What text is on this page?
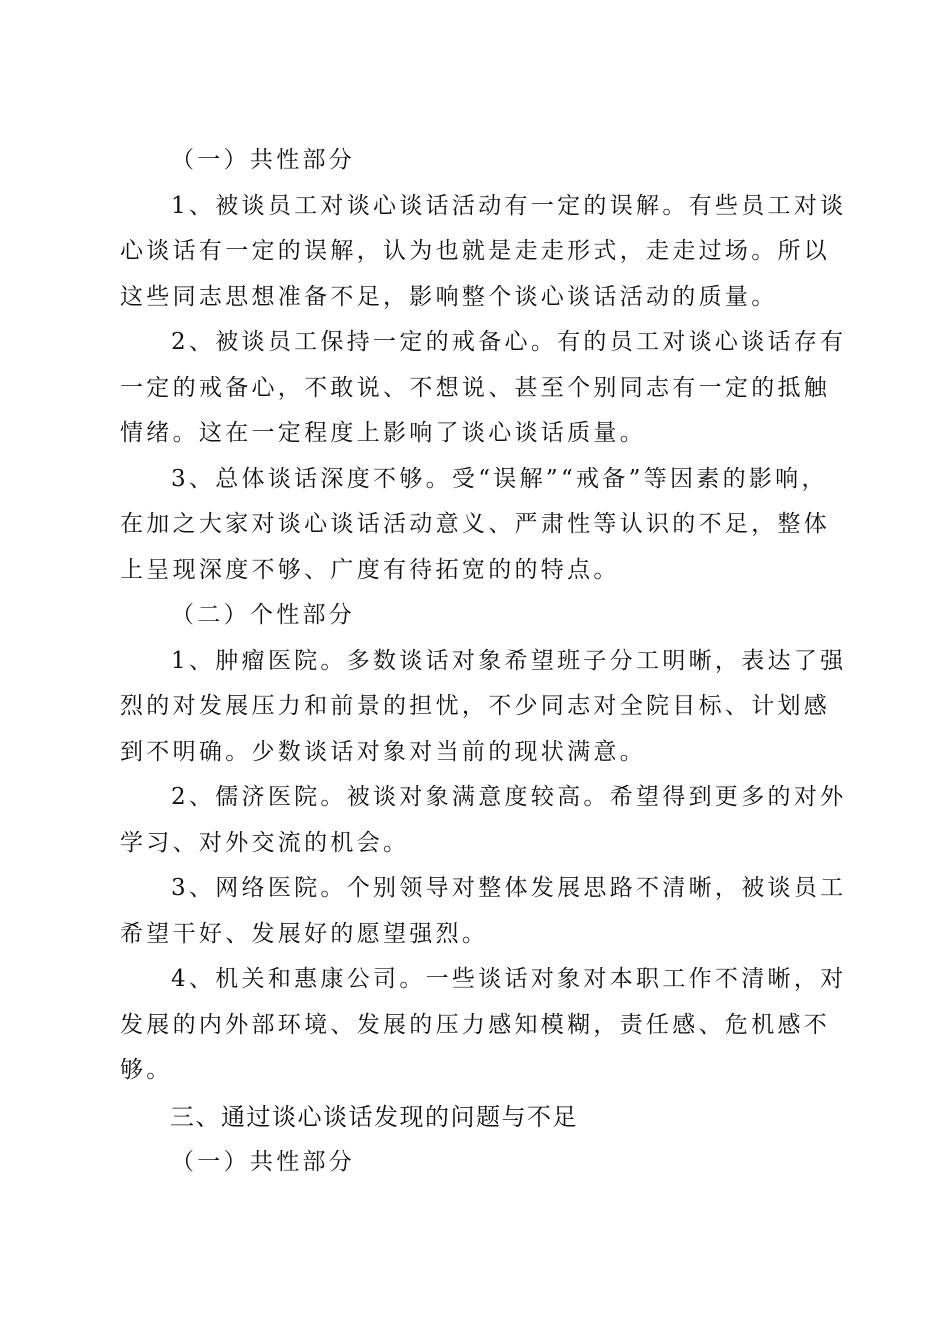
（一）共性部分
1、被谈员工对谈心谈话活动有一定的误解。有些员工对谈
心谈话有一定的误解，认为也就是走走形式，走走过场。所以
这些同志思想准备不足，影响整个谈心谈话活动的质量。
2、被谈员工保持一定的戒备心。有的员工对谈心谈话存有
一定的戒备心，不敢说、不想说、甚至个别同志有一定的抵触
情绪。这在一定程度上影响了谈心谈话质量。
3、总体谈话深度不够。受“误解”“戒备”等因素的影响，
在加之大家对谈心谈话活动意义、严肃性等认识的不足，整体
上呈现深度不够、广度有待拓宽的的特点。
（二）个性部分
1、肿瘤医院。多数谈话对象希望班子分工明晰，表达了强
烈的对发展压力和前景的担忧，不少同志对全院目标、计划感
到不明确。少数谈话对象对当前的现状满意。
2、儒济医院。被谈对象满意度较高。希望得到更多的对外
学习、对外交流的机会。
3、网络医院。个别领导对整体发展思路不清晰，被谈员工
希望干好、发展好的愿望强烈。
4、机关和惠康公司。一些谈话对象对本职工作不清晰，对
发展的内外部环境、发展的压力感知模糊，责任感、危机感不
够。
三、通过谈心谈话发现的问题与不足
（一）共性部分
